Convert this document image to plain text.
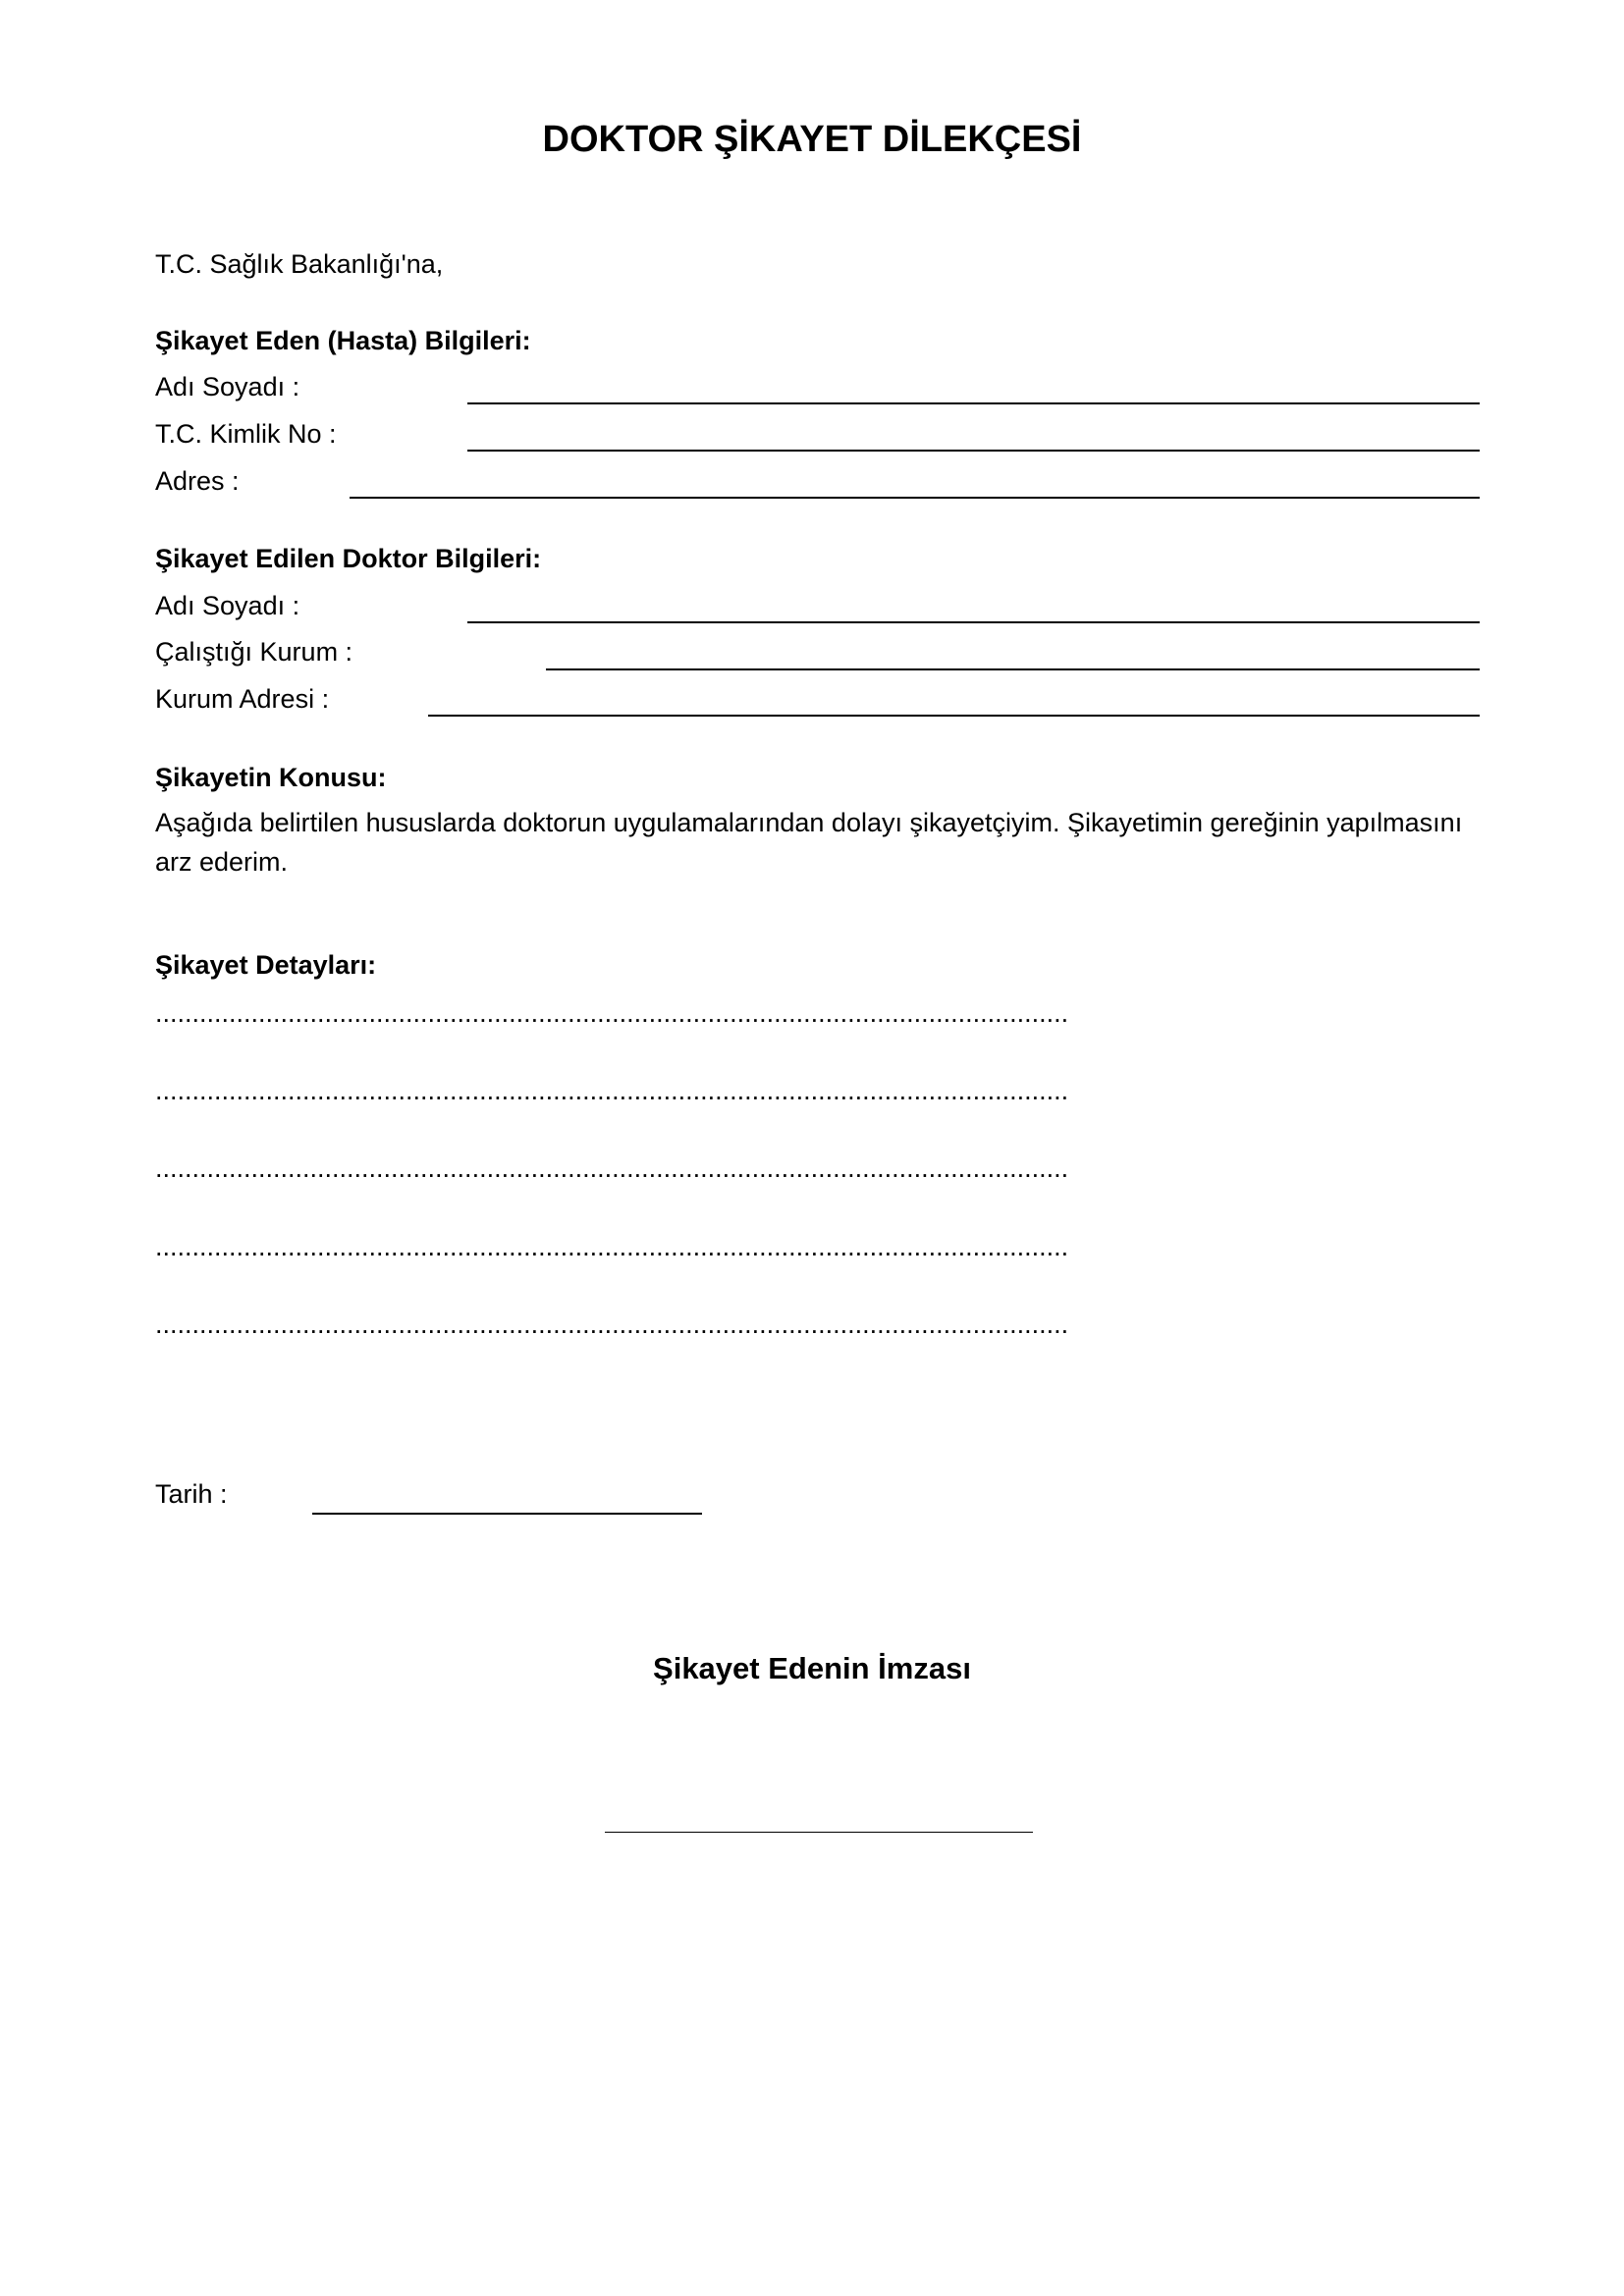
DOKTOR ŞİKAYET DİLEKÇESİ
T.C. Sağlık Bakanlığı'na,
Şikayet Eden (Hasta) Bilgileri:
Adı Soyadı :
T.C. Kimlik No :
Adres :
Şikayet Edilen Doktor Bilgileri:
Adı Soyadı :
Çalıştığı Kurum :
Kurum Adresi :
Şikayetin Konusu:
Aşağıda belirtilen hususlarda doktorun uygulamalarından dolayı şikayetçiyim. Şikayetimin gereğinin yapılmasını arz ederim.
Şikayet Detayları:
............................................................................................................................
............................................................................................................................
............................................................................................................................
............................................................................................................................
............................................................................................................................
Tarih :
Şikayet Edenin İmzası
